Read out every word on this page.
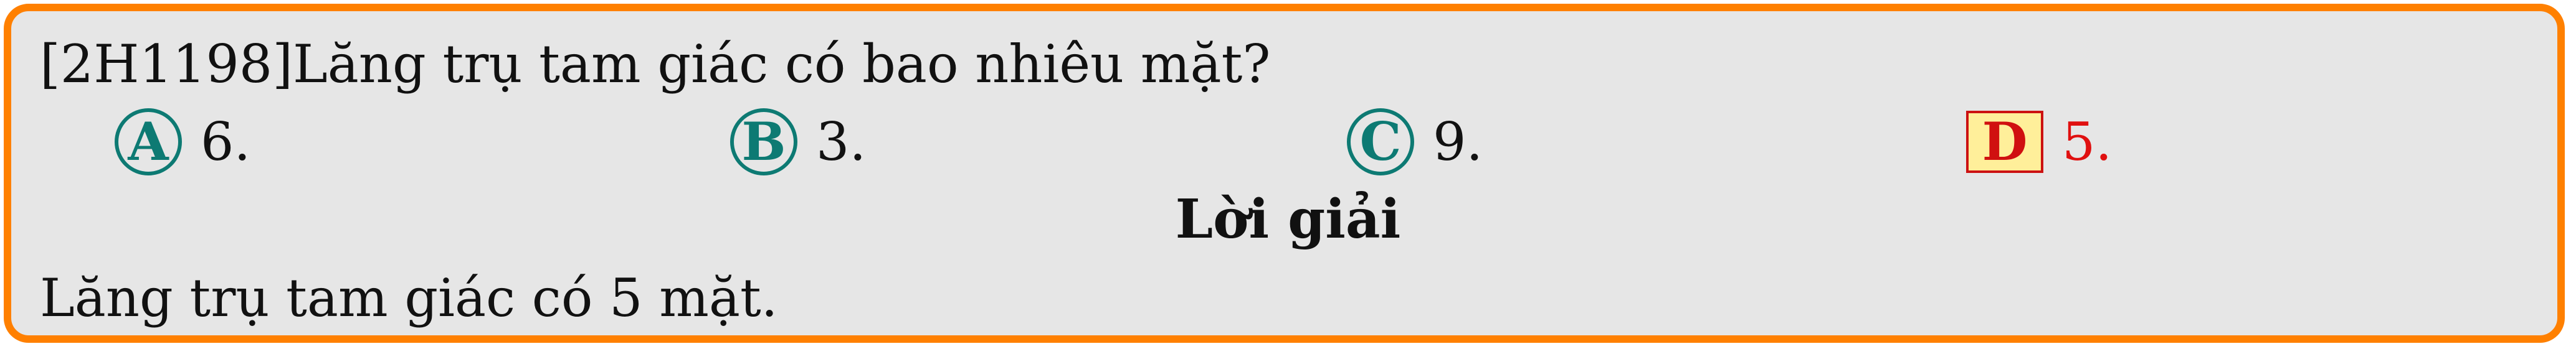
[2H1198]Lăng trụ tam giác có bao nhiêu mặt?
A 6.	B 3.	C 9.	D 5.
Lời giải
Lăng trụ tam giác có 5 mặt.
